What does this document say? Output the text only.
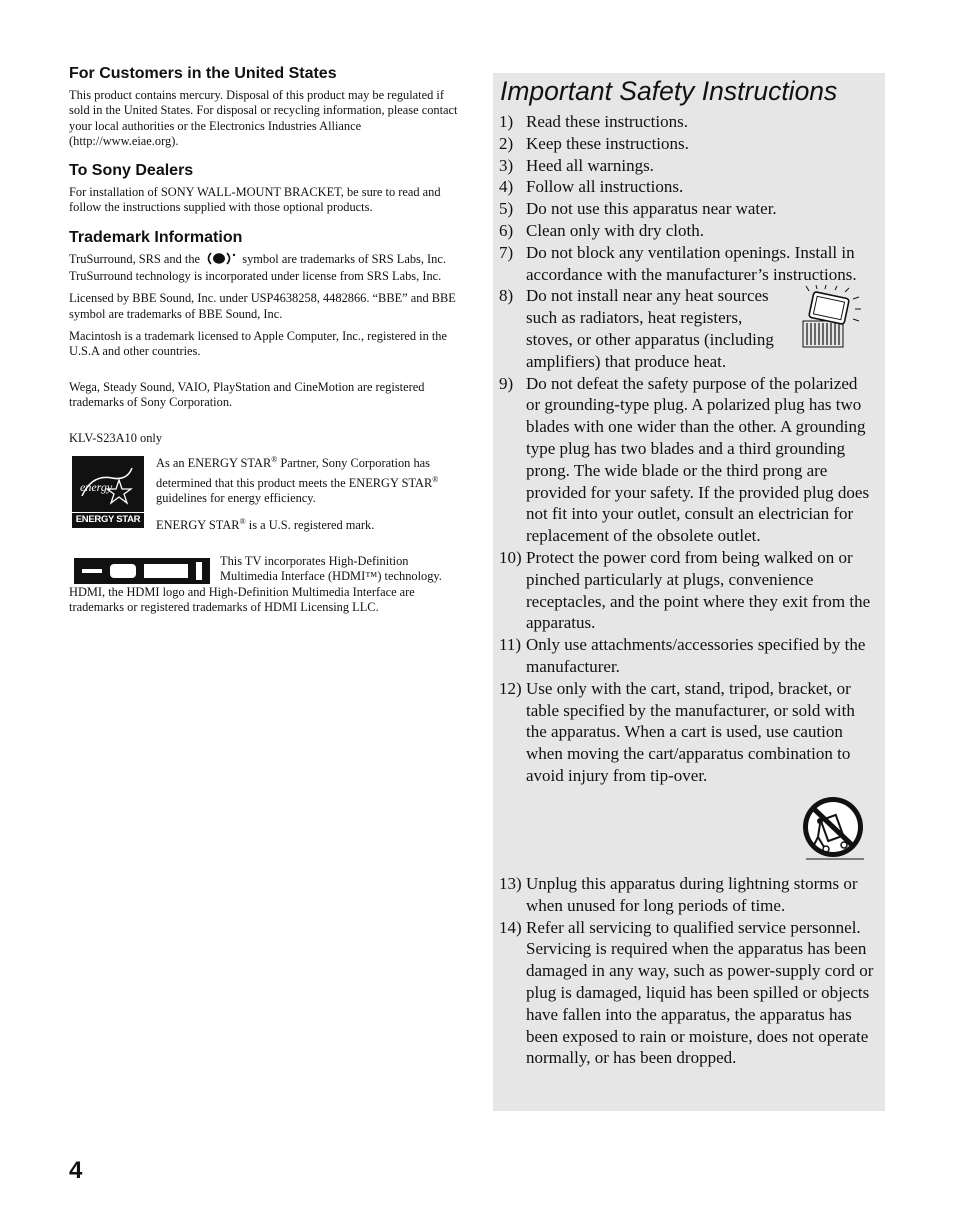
For Customers in the United States
This product contains mercury. Disposal of this product may be regulated if sold in the United States. For disposal or recycling information, please contact your local authorities or the Electronics Industries Alliance (http://www.eiae.org).
To Sony Dealers
For installation of SONY WALL-MOUNT BRACKET, be sure to read and follow the instructions supplied with those optional products.
Trademark Information
TruSurround, SRS and the	symbol are trademarks of SRS Labs, Inc. TruSurround technology is incorporated under license from SRS Labs, Inc.
Licensed by BBE Sound, Inc. under USP4638258, 4482866. “BBE” and BBE symbol are trademarks of BBE Sound, Inc.
Macintosh is a trademark licensed to Apple Computer, Inc., registered in the U.S.A and other countries.
Wega, Steady Sound, VAIO, PlayStation and CineMotion are registered trademarks of Sony Corporation.
KLV-S23A10 only
energy
ENERGY STAR
As an ENERGY STAR® Partner, Sony Corporation has determined that this product meets the ENERGY STAR® guidelines for energy efficiency.
ENERGY STAR® is a U.S. registered mark.
This TV incorporates High-Definition Multimedia Interface (HDMI™) technology.
HDMI, the HDMI logo and High-Definition Multimedia Interface are trademarks or registered trademarks of HDMI Licensing LLC.
Important Safety Instructions
1) Read these instructions.
2) Keep these instructions.
3) Heed all warnings.
4) Follow all instructions.
5) Do not use this apparatus near water.
6) Clean only with dry cloth.
7) Do not block any ventilation openings. Install in accordance with the manufacturer’s instructions.
8) Do not install near any heat sources such as radiators, heat registers, stoves, or other apparatus (including amplifiers) that produce heat.
9) Do not defeat the safety purpose of the polarized or grounding-type plug. A polarized plug has two blades with one wider than the other. A grounding type plug has two blades and a third grounding prong. The wide blade or the third prong are provided for your safety. If the provided plug does not fit into your outlet, consult an electrician for replacement of the obsolete outlet.
10) Protect the power cord from being walked on or pinched particularly at plugs, convenience receptacles, and the point where they exit from the apparatus.
11) Only use attachments/accessories specified by the manufacturer.
12) Use only with the cart, stand, tripod, bracket, or table specified by the manufacturer, or sold with the apparatus. When a cart is used, use caution when moving the cart/apparatus combination to avoid injury from tip-over.
13) Unplug this apparatus during lightning storms or when unused for long periods of time.
14) Refer all servicing to qualified service personnel. Servicing is required when the apparatus has been damaged in any way, such as power-supply cord or plug is damaged, liquid has been spilled or objects have fallen into the apparatus, the apparatus has been exposed to rain or moisture, does not operate normally, or has been dropped.
4
